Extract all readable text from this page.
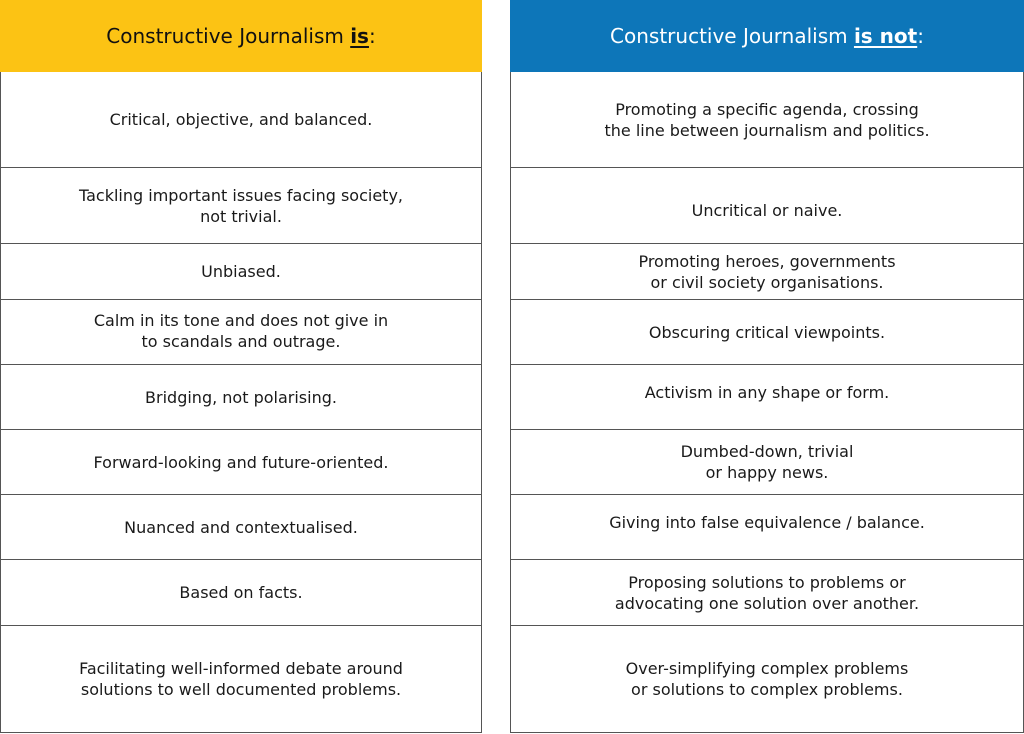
Constructive Journalism is :
Critical, objective, and balanced.
Tackling important issues facing society,
not trivial.
Unbiased.
Calm in its tone and does not give in
to scandals and outrage.
Bridging, not polarising.
Forward-looking and future-oriented.
Nuanced and contextualised.
Based on facts.
Facilitating well-informed debate around
solutions to well documented problems.
Constructive Journalism is not :
Promoting a specific agenda, crossing
the line between journalism and politics.
Uncritical or naive.
Promoting heroes, governments
or civil society organisations.
Obscuring critical viewpoints.
Activism in any shape or form.
Dumbed-down, trivial
or happy news.
Giving into false equivalence / balance.
Proposing solutions to problems or
advocating one solution over another.
Over-simplifying complex problems
or solutions to complex problems.
